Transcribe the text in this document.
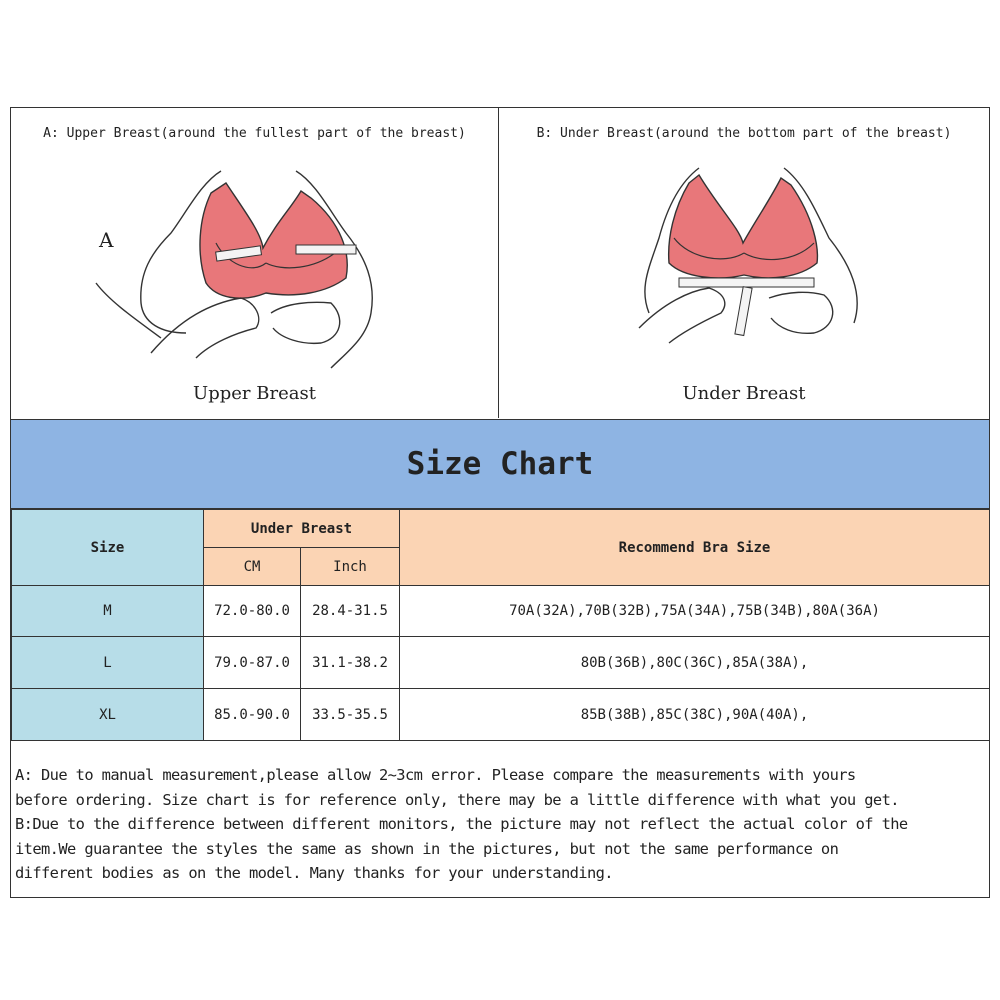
A: Upper Breast(around the fullest part of the breast)
A
Upper Breast
B: Under Breast(around the bottom part of the breast)
Under Breast
Size Chart
Size	Under Breast		Recommend Bra Size
	CM	Inch	
M	72.0-80.0	28.4-31.5	70A(32A),70B(32B),75A(34A),75B(34B),80A(36A)
L	79.0-87.0	31.1-38.2	80B(36B),80C(36C),85A(38A),
XL	85.0-90.0	33.5-35.5	85B(38B),85C(38C),90A(40A),

A: Due to manual measurement,please allow 2~3cm error. Please compare the measurements with yours

before ordering. Size chart is for reference only, there may be a little difference with what you get.

B:Due to the difference between different monitors, the picture may not reflect the actual color of the

item.We guarantee the styles the same as shown in the pictures, but not the same performance on

different bodies as on the model. Many thanks for your understanding.
